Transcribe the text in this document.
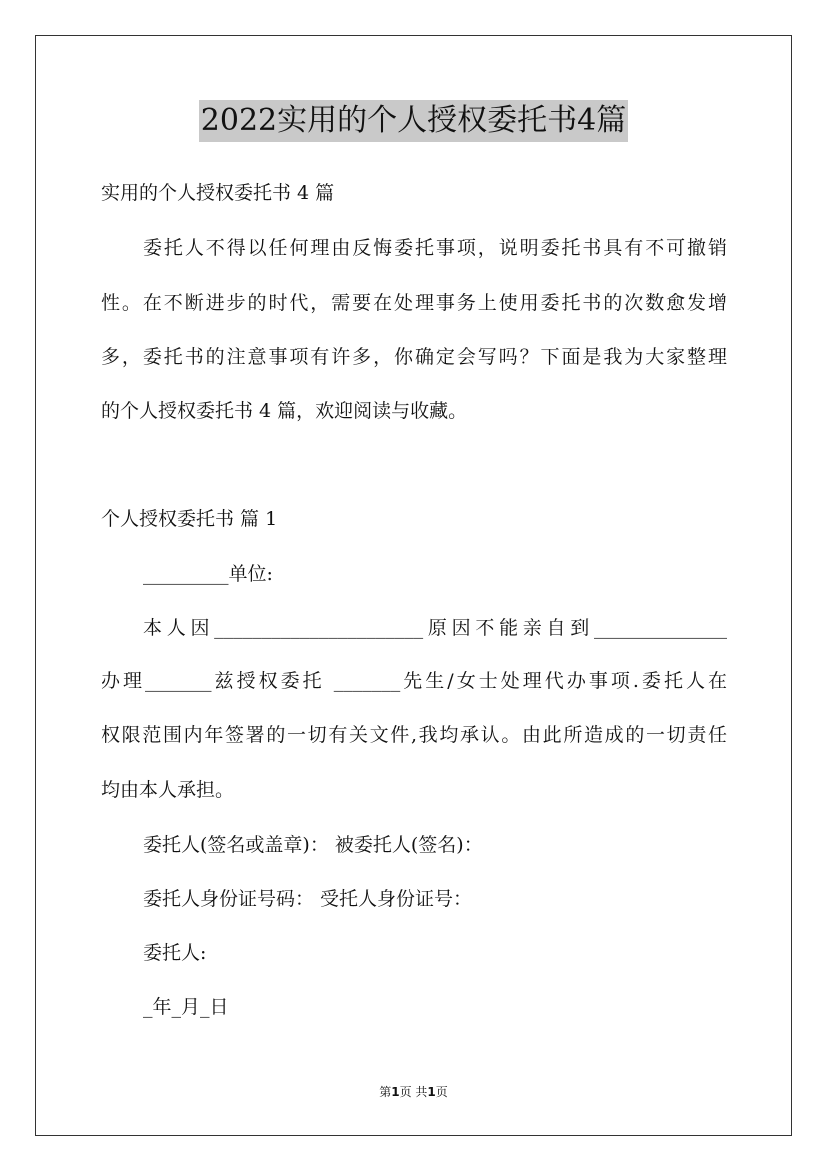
2022实用的个人授权委托书4篇
实用的个人授权委托书 4 篇
委托人不得以任何理由反悔委托事项，说明委托书具有不可撤销
性。在不断进步的时代，需要在处理事务上使用委托书的次数愈发增
多，委托书的注意事项有许多，你确定会写吗？下面是我为大家整理
的个人授权委托书 4 篇，欢迎阅读与收藏。
个人授权委托书 篇 1
_________单位:
本人因______________________原因不能亲自到______________
办理_______兹授权委托 _______先生/女士处理代办事项.委托人在
权限范围内年签署的一切有关文件,我均承认。由此所造成的一切责任
均由本人承担。
委托人(签名或盖章)： 被委托人(签名)：
委托人身份证号码： 受托人身份证号：
委托人:
_年_月_日
第1页 共1页
